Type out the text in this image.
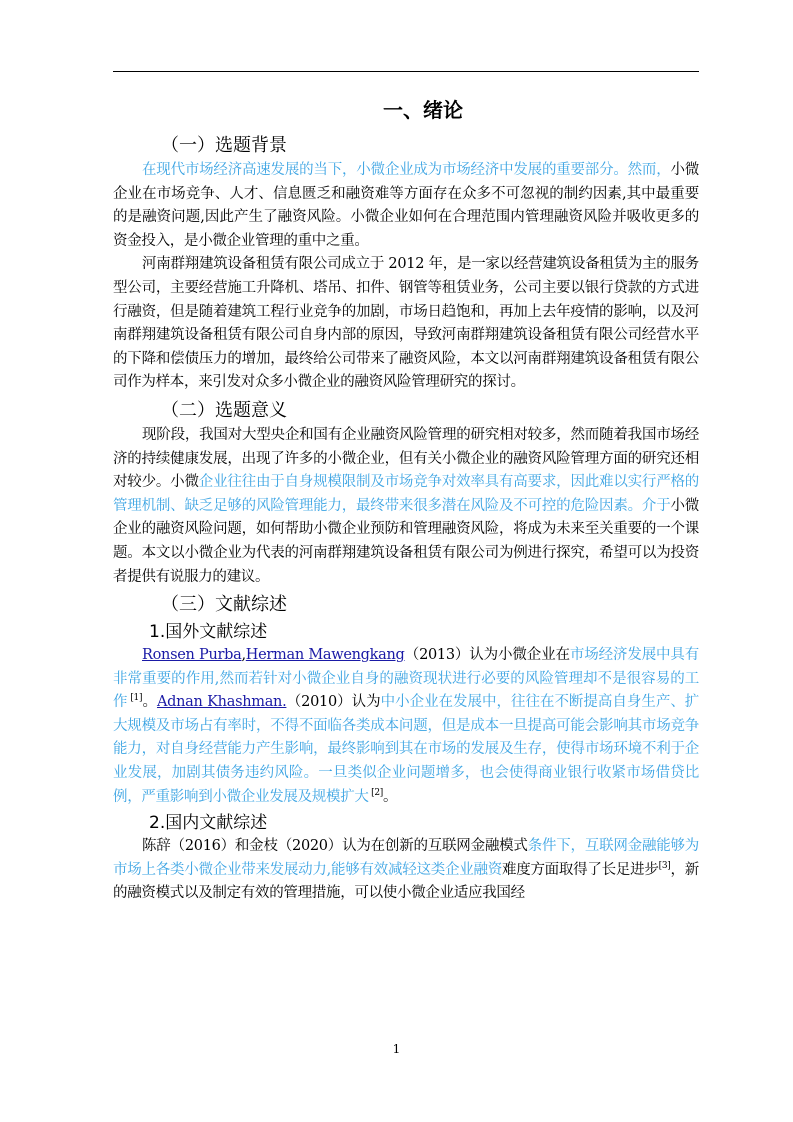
一、绪论
（一）选题背景

在现代市场经济高速发展的当下，小微企业成为市场经济中发展的重要部分。然而，小微企业在市场竞争、人才、信息匮乏和融资难等方面存在众多不可忽视的制约因素,其中最重要的是融资问题,因此产生了融资风险。小微企业如何在合理范围内管理融资风险并吸收更多的资金投入，是小微企业管理的重中之重。

河南群翔建筑设备租赁有限公司成立于 2012 年，是一家以经营建筑设备租赁为主的服务型公司，主要经营施工升降机、塔吊、扣件、钢管等租赁业务，公司主要以银行贷款的方式进行融资，但是随着建筑工程行业竞争的加剧，市场日趋饱和，再加上去年疫情的影响，以及河南群翔建筑设备租赁有限公司自身内部的原因，导致河南群翔建筑设备租赁有限公司经营水平的下降和偿债压力的增加，最终给公司带来了融资风险，本文以河南群翔建筑设备租赁有限公司作为样本，来引发对众多小微企业的融资风险管理研究的探讨。

（二）选题意义

现阶段，我国对大型央企和国有企业融资风险管理的研究相对较多，然而随着我国市场经济的持续健康发展，出现了许多的小微企业，但有关小微企业的融资风险管理方面的研究还相对较少。小微企业往往由于自身规模限制及市场竞争对效率具有高要求，因此难以实行严格的管理机制、缺乏足够的风险管理能力，最终带来很多潜在风险及不可控的危险因素。介于小微企业的融资风险问题，如何帮助小微企业预防和管理融资风险，将成为未来至关重要的一个课题。本文以小微企业为代表的河南群翔建筑设备租赁有限公司为例进行探究，希望可以为投资者提供有说服力的建议。

（三）文献综述
1.国外文献综述

Ronsen Purba,Herman Mawengkang（2013）认为小微企业在市场经济发展中具有非常重要的作用,然而若针对小微企业自身的融资现状进行必要的风险管理却不是很容易的工作 [1]。Adnan Khashman.（2010）认为中小企业在发展中，往往在不断提高自身生产、扩大规模及市场占有率时，不得不面临各类成本问题，但是成本一旦提高可能会影响其市场竞争能力，对自身经营能力产生影响，最终影响到其在市场的发展及生存，使得市场环境不利于企业发展，加剧其债务违约风险。一旦类似企业问题增多，也会使得商业银行收紧市场借贷比例，严重影响到小微企业发展及规模扩大 [2]。

2.国内文献综述

陈辞（2016）和金枝（2020）认为在创新的互联网金融模式条件下，互联网金融能够为市场上各类小微企业带来发展动力,能够有效减轻这类企业融资难度方面取得了长足进步[3]，新的融资模式以及制定有效的管理措施，可以使小微企业适应我国经

1
